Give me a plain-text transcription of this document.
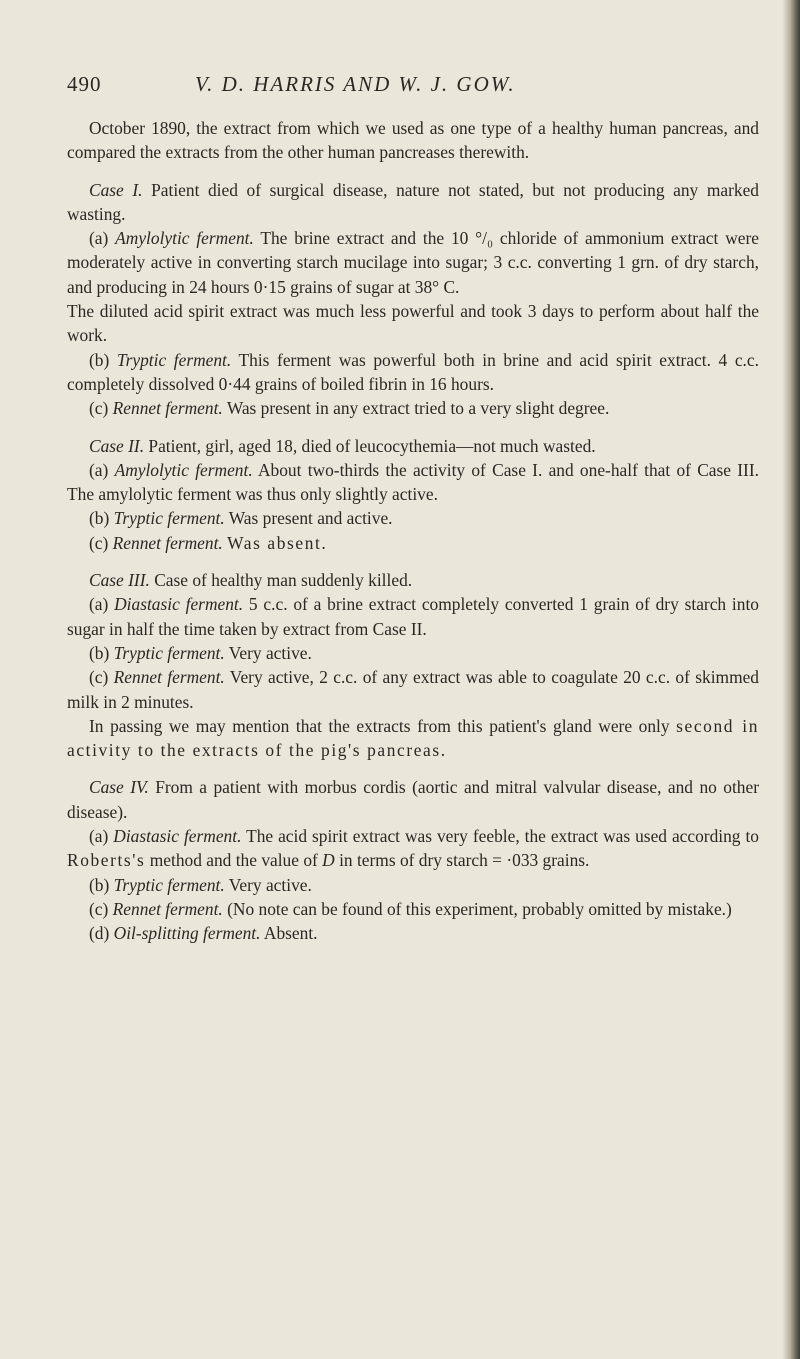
490	V. D. HARRIS AND W. J. GOW.

October 1890, the extract from which we used as one type of a healthy human pancreas, and compared the extracts from the other human pancreases therewith.

Case I. Patient died of surgical disease, nature not stated, but not producing any marked wasting.

(a) Amylolytic ferment. The brine extract and the 10 °/₀ chloride of ammonium extract were moderately active in converting starch mucilage into sugar; 3 c.c. converting 1 grn. of dry starch, and producing in 24 hours 0·15 grains of sugar at 38° C.

The diluted acid spirit extract was much less powerful and took 3 days to perform about half the work.

(b) Tryptic ferment. This ferment was powerful both in brine and acid spirit extract. 4 c.c. completely dissolved 0·44 grains of boiled fibrin in 16 hours.

(c) Rennet ferment. Was present in any extract tried to a very slight degree.

Case II. Patient, girl, aged 18, died of leucocythemia—not much wasted.

(a) Amylolytic ferment. About two-thirds the activity of Case I. and one-half that of Case III. The amylolytic ferment was thus only slightly active.

(b) Tryptic ferment. Was present and active.

(c) Rennet ferment. Was absent.

Case III. Case of healthy man suddenly killed.

(a) Diastasic ferment. 5 c.c. of a brine extract completely converted 1 grain of dry starch into sugar in half the time taken by extract from Case II.

(b) Tryptic ferment. Very active.

(c) Rennet ferment. Very active, 2 c.c. of any extract was able to coagulate 20 c.c. of skimmed milk in 2 minutes.

In passing we may mention that the extracts from this patient's gland were only second in activity to the extracts of the pig's pancreas.

Case IV. From a patient with morbus cordis (aortic and mitral valvular disease, and no other disease).

(a) Diastasic ferment. The acid spirit extract was very feeble, the extract was used according to Roberts's method and the value of D in terms of dry starch = ·033 grains.

(b) Tryptic ferment. Very active.

(c) Rennet ferment. (No note can be found of this experiment, probably omitted by mistake.)

(d) Oil-splitting ferment. Absent.
